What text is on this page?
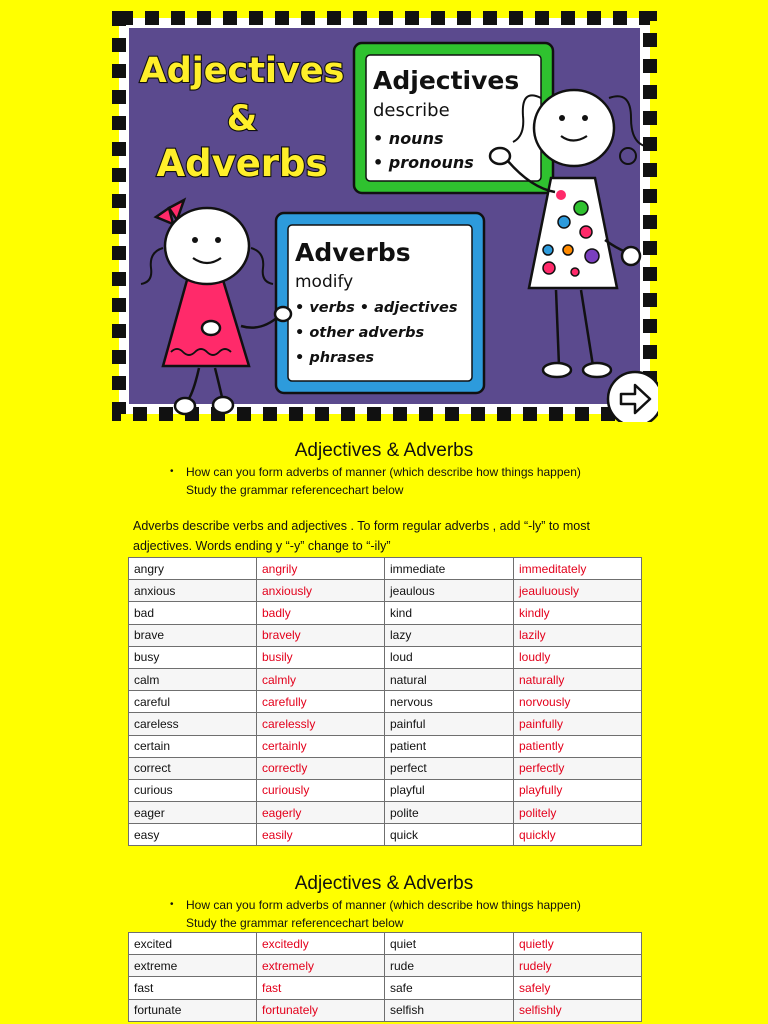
Adjectives
&
Adverbs
Adjectives
describe
• nouns
• pronouns
Adverbs
modify
• verbs • adjectives
• other adverbs
• phrases
Adjectives & Adverbs
• How can you form adverbs of manner (which describe how things happen)
Study the grammar referencechart below
Adverbs describe verbs and adjectives . To form regular adverbs , add “-ly” to most
adjectives. Words ending y “-y” change to “-ily”
angry	angrily	immediate	immeditately
anxious	anxiously	jeaulous	jeauluously
bad	badly	kind	kindly
brave	bravely	lazy	lazily
busy	busily	loud	loudly
calm	calmly	natural	naturally
careful	carefully	nervous	norvously
careless	carelessly	painful	painfully
certain	certainly	patient	patiently
correct	correctly	perfect	perfectly
curious	curiously	playful	playfully
eager	eagerly	polite	politely
easy	easily	quick	quickly
Adjectives & Adverbs
• How can you form adverbs of manner (which describe how things happen)
Study the grammar referencechart below
excited	excitedly	quiet	quietly
extreme	extremely	rude	rudely
fast	fast	safe	safely
fortunate	fortunately	selfish	selfishly
